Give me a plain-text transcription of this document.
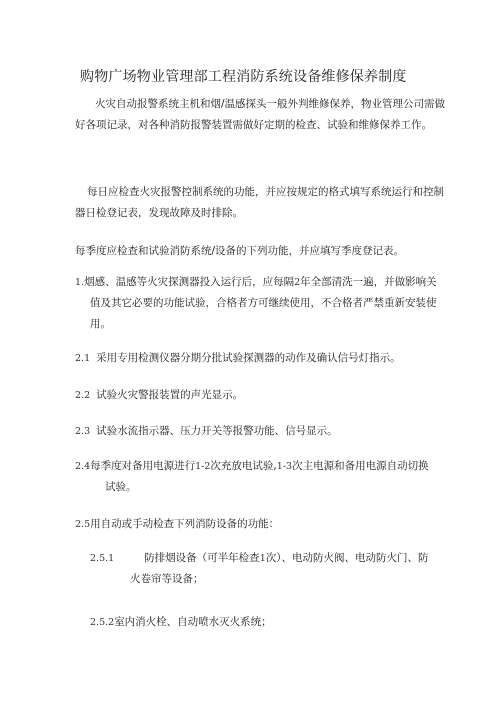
购物广场物业管理部工程消防系统设备维修保养制度
火灾自动报警系统主机和烟/温感探头一般外判维修保养，物业管理公司需做好各项记录，对各种消防报警装置需做好定期的检查、试验和维修保养工作。
每日应检查火灾报警控制系统的功能，并应按规定的格式填写系统运行和控制器日检登记表，发现故障及时排除。
每季度应检查和试验消防系统/设备的下列功能，并应填写季度登记表。
1.烟感、温感等火灾探测器投入运行后，应每隔2年全部清洗一遍，并做影响关
值及其它必要的功能试验，合格者方可继续使用，不合格者严禁重新安装使
用。
2.1 采用专用检测仪器分期分批试验探测器的动作及确认信号灯指示。
2.2 试验火灾警报装置的声光显示。
2.3 试验水流指示器、压力开关等报警功能、信号显示。
2.4每季度对备用电源进行1-2次充放电试验,1-3次主电源和备用电源自动切换
试验。
2.5用自动或手动检查下列消防设备的功能：
2.5.1	防排烟设备（可半年检查1次）、电动防火阀、电动防火门、防
火卷帘等设备；
2.5.2室内消火栓、自动喷水灭火系统；
